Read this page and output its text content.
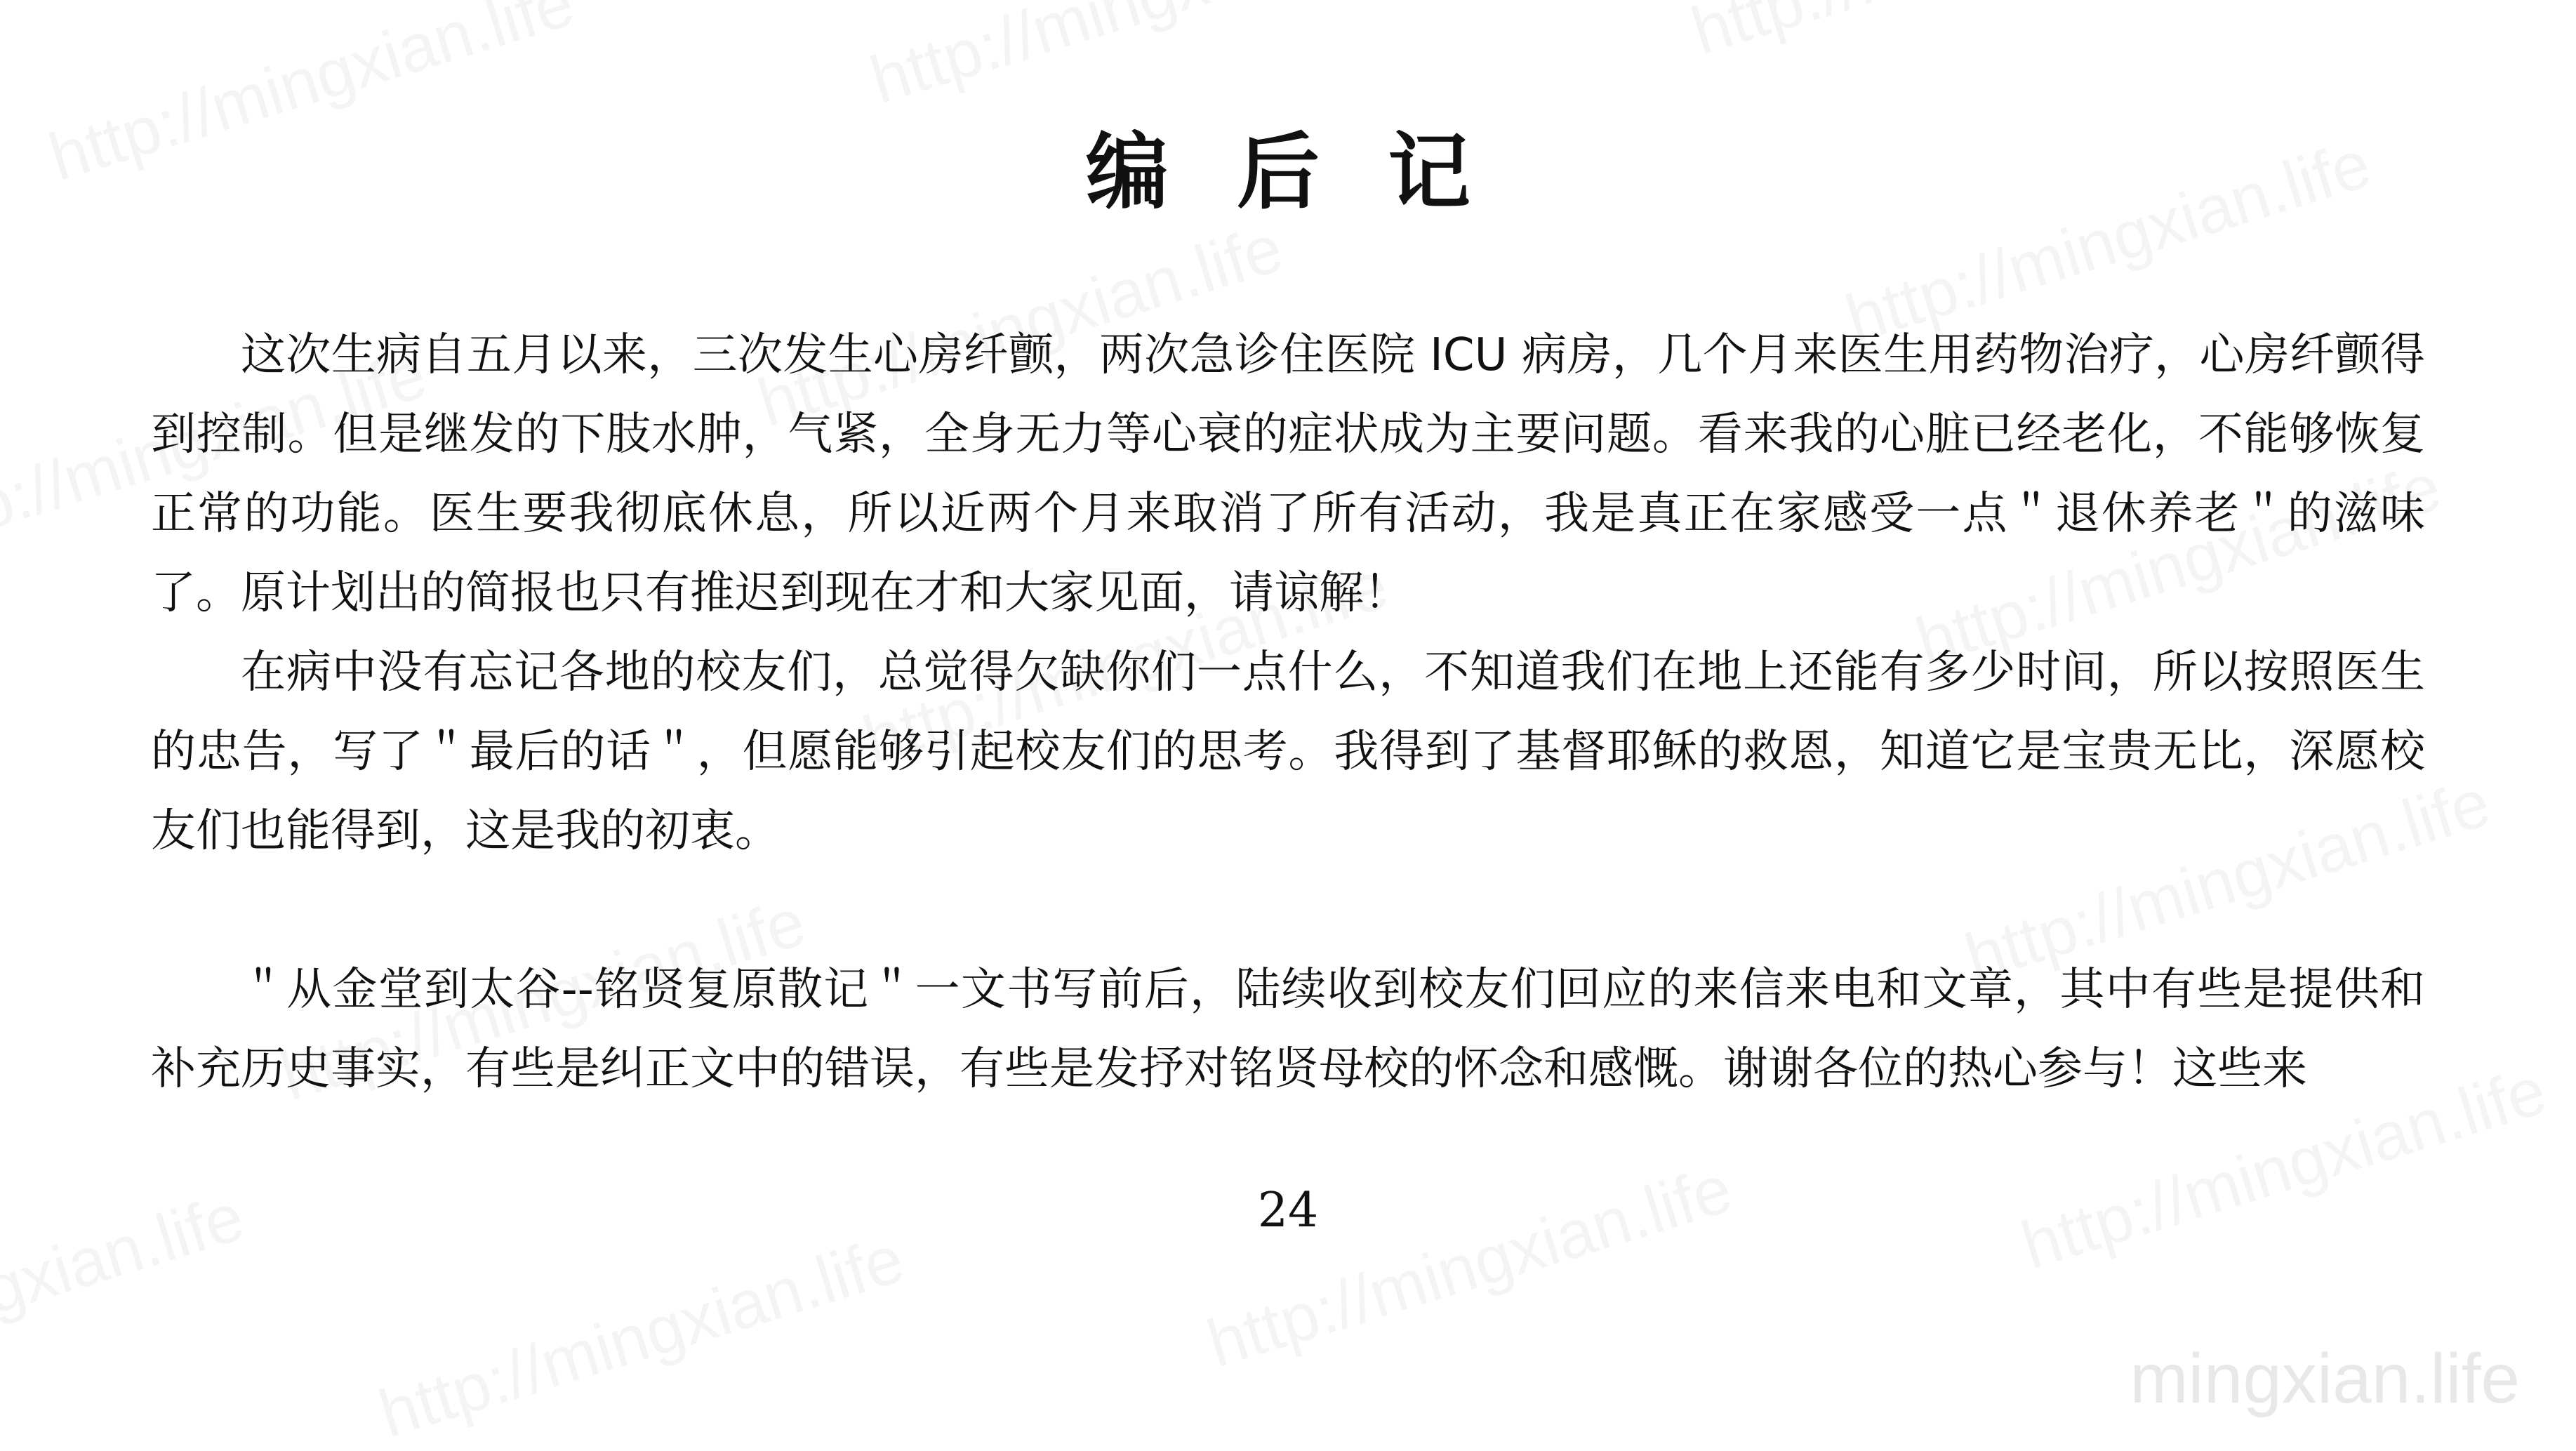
mingxian.life
编 后 记

这次生病自五月以来，三次发生心房纤颤，两次急诊住医院 ICU 病房，几个月来医生用药物治疗，心房纤颤得到控制。但是继发的下肢水肿，气紧，全身无力等心衰的症状成为主要问题。看来我的心脏已经老化，不能够恢复正常的功能。医生要我彻底休息，所以近两个月来取消了所有活动，我是真正在家感受一点＂退休养老＂的滋味了。原计划出的简报也只有推迟到现在才和大家见面，请谅解！

在病中没有忘记各地的校友们，总觉得欠缺你们一点什么，不知道我们在地上还能有多少时间，所以按照医生的忠告，写了＂最后的话＂，但愿能够引起校友们的思考。我得到了基督耶稣的救恩，知道它是宝贵无比，深愿校友们也能得到，这是我的初衷。

＂从金堂到太谷--铭贤复原散记＂一文书写前后，陆续收到校友们回应的来信来电和文章，其中有些是提供和补充历史事实，有些是纠正文中的错误，有些是发抒对铭贤母校的怀念和感慨。谢谢各位的热心参与！这些来

24
